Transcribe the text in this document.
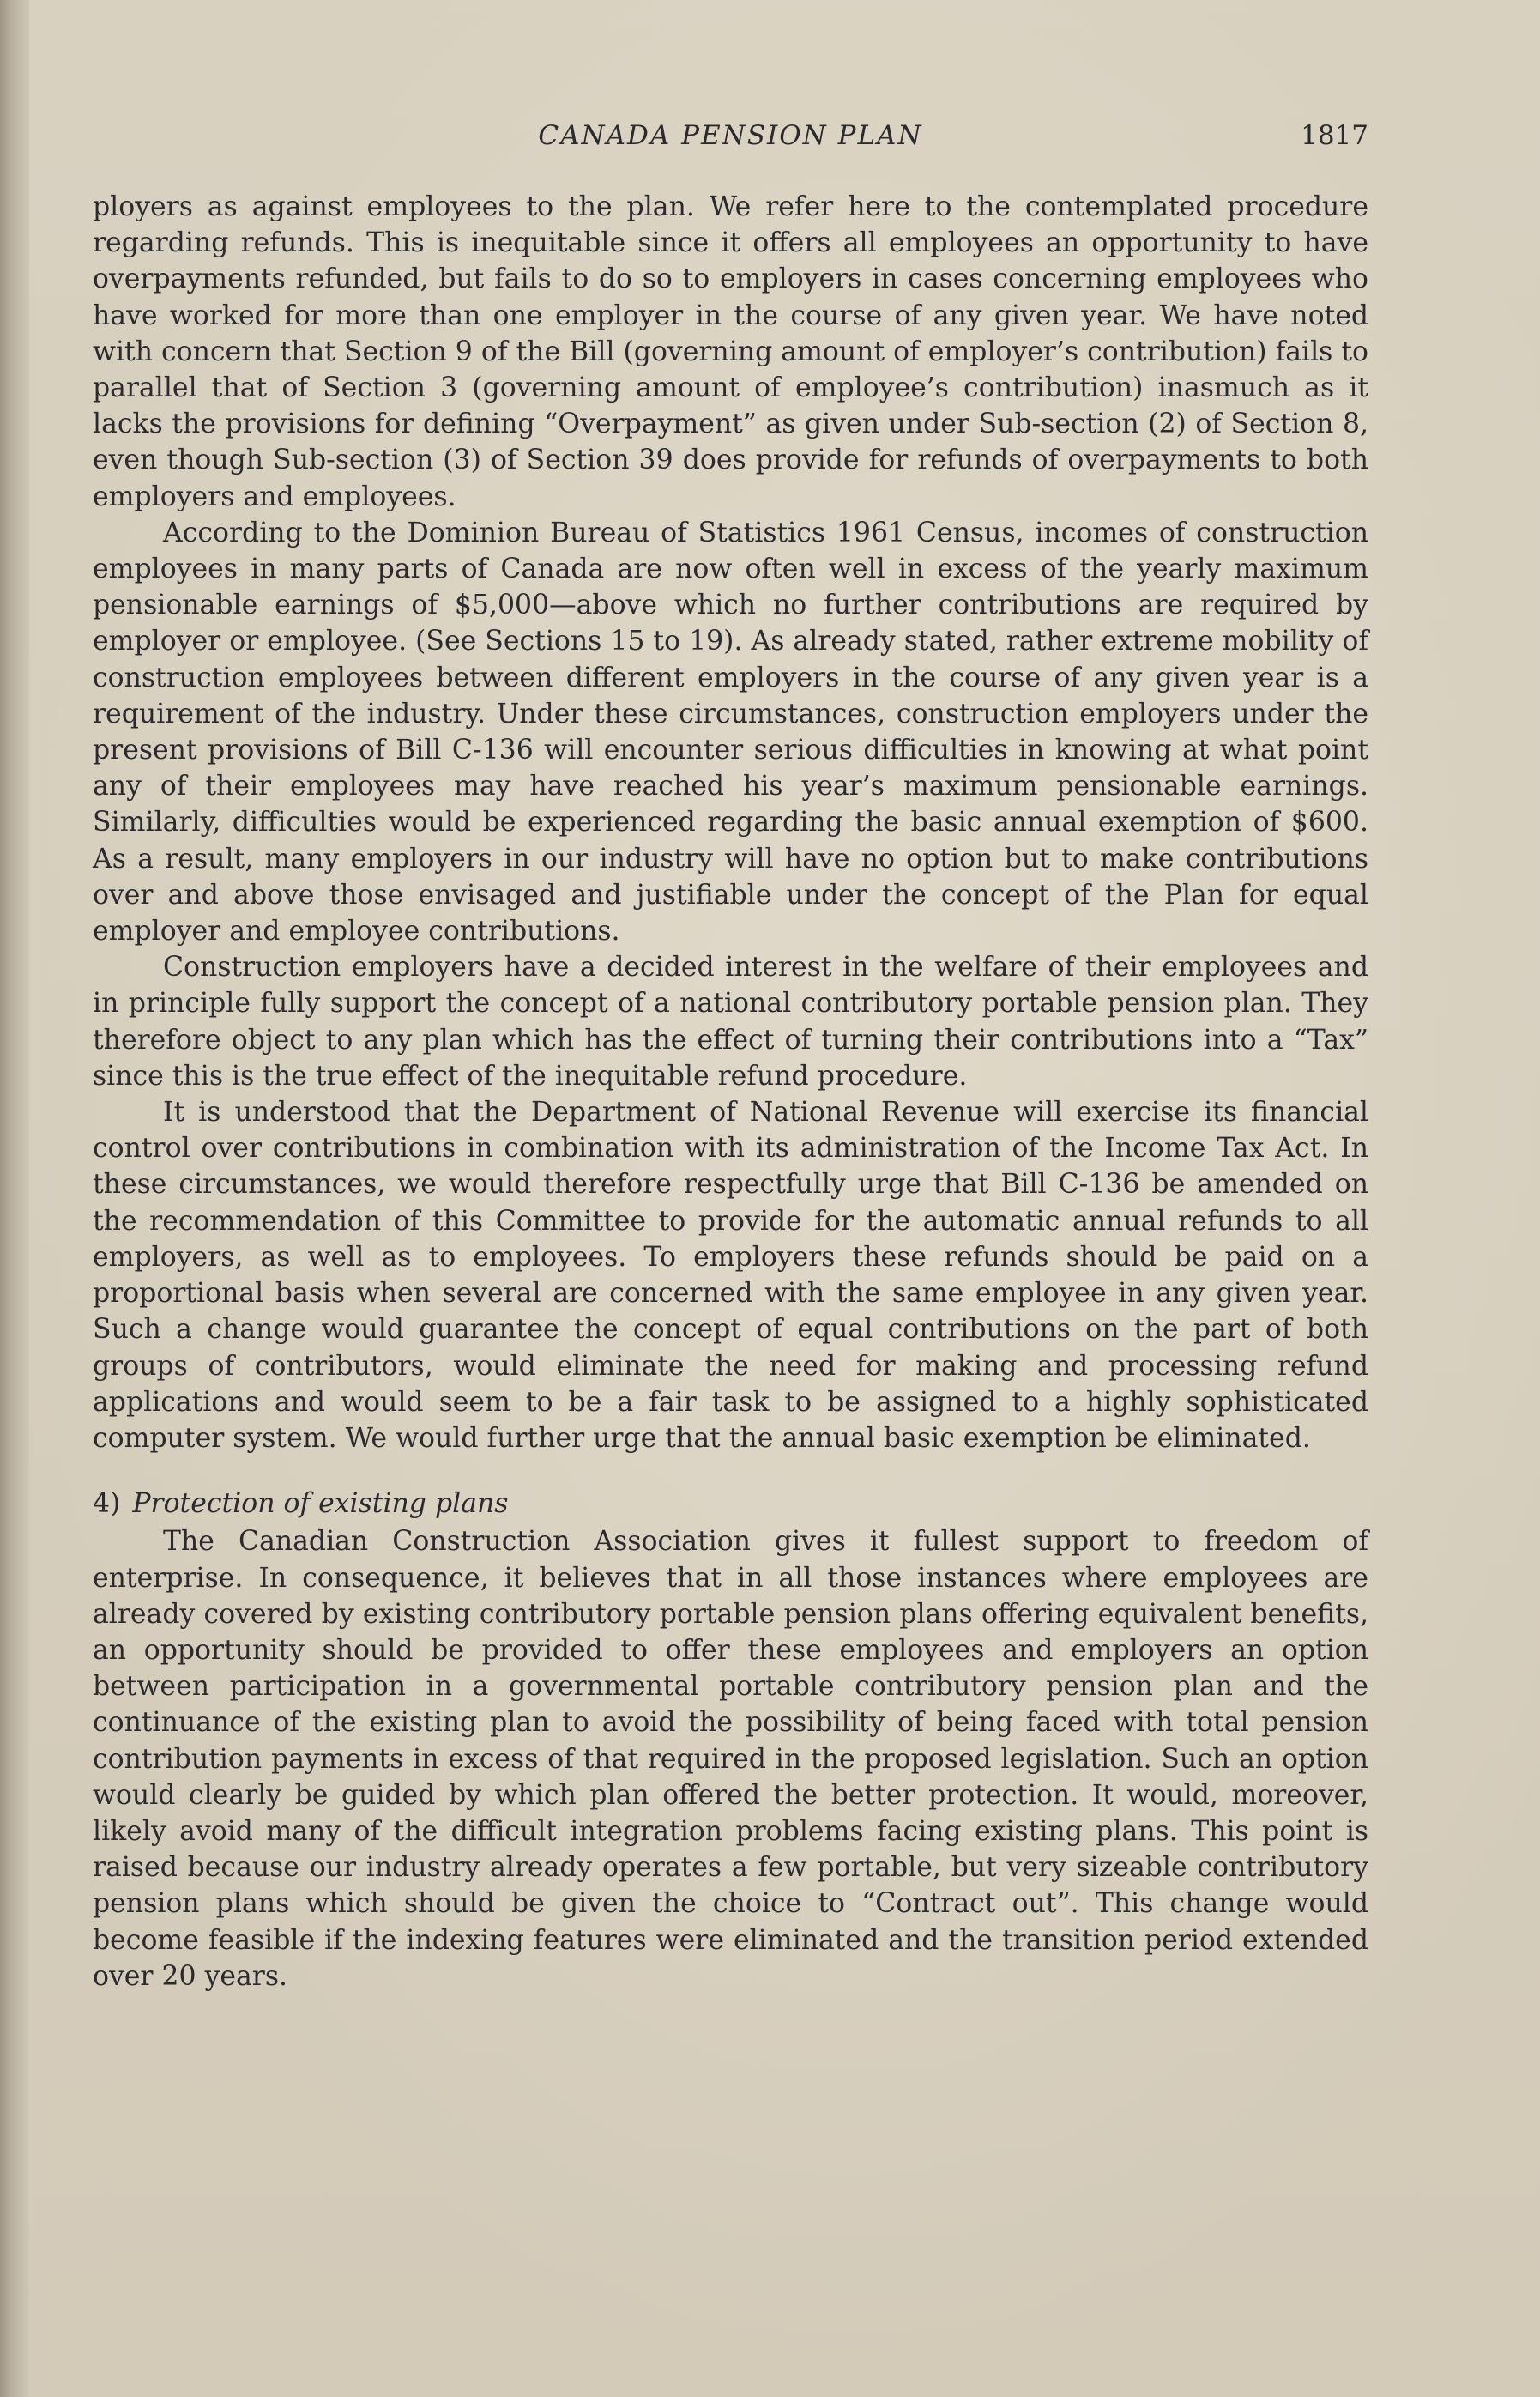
CANADA PENSION PLAN	1817

ployers as against employees to the plan. We refer here to the contemplated procedure regarding refunds. This is inequitable since it offers all employees an opportunity to have overpayments refunded, but fails to do so to employers in cases concerning employees who have worked for more than one employer in the course of any given year. We have noted with concern that Section 9 of the Bill (governing amount of employer’s contribution) fails to parallel that of Section 3 (governing amount of employee’s contribution) inasmuch as it lacks the provisions for defining “Overpayment” as given under Sub-section (2) of Section 8, even though Sub-section (3) of Section 39 does provide for refunds of overpayments to both employers and employees.

According to the Dominion Bureau of Statistics 1961 Census, incomes of construction employees in many parts of Canada are now often well in excess of the yearly maximum pensionable earnings of $5,000—above which no further contributions are required by employer or employee. (See Sections 15 to 19). As already stated, rather extreme mobility of construction employees between different employers in the course of any given year is a requirement of the industry. Under these circumstances, construction employers under the present provisions of Bill C-136 will encounter serious difficulties in knowing at what point any of their employees may have reached his year’s maximum pensionable earnings. Similarly, difficulties would be experienced regarding the basic annual exemption of $600. As a result, many employers in our industry will have no option but to make contributions over and above those envisaged and justifiable under the concept of the Plan for equal employer and employee contributions.

Construction employers have a decided interest in the welfare of their employees and in principle fully support the concept of a national contributory portable pension plan. They therefore object to any plan which has the effect of turning their contributions into a “Tax” since this is the true effect of the inequitable refund procedure.

It is understood that the Department of National Revenue will exercise its financial control over contributions in combination with its administration of the Income Tax Act. In these circumstances, we would therefore respectfully urge that Bill C-136 be amended on the recommendation of this Committee to provide for the automatic annual refunds to all employers, as well as to employees. To employers these refunds should be paid on a proportional basis when several are concerned with the same employee in any given year. Such a change would guarantee the concept of equal contributions on the part of both groups of contributors, would eliminate the need for making and processing refund applications and would seem to be a fair task to be assigned to a highly sophisticated computer system. We would further urge that the annual basic exemption be eliminated.

4) Protection of existing plans

The Canadian Construction Association gives it fullest support to freedom of enterprise. In consequence, it believes that in all those instances where employees are already covered by existing contributory portable pension plans offering equivalent benefits, an opportunity should be provided to offer these employees and employers an option between participation in a governmental portable contributory pension plan and the continuance of the existing plan to avoid the possibility of being faced with total pension contribution payments in excess of that required in the proposed legislation. Such an option would clearly be guided by which plan offered the better protection. It would, moreover, likely avoid many of the difficult integration problems facing existing plans. This point is raised because our industry already operates a few portable, but very sizeable contributory pension plans which should be given the choice to “Contract out”. This change would become feasible if the indexing features were eliminated and the transition period extended over 20 years.
